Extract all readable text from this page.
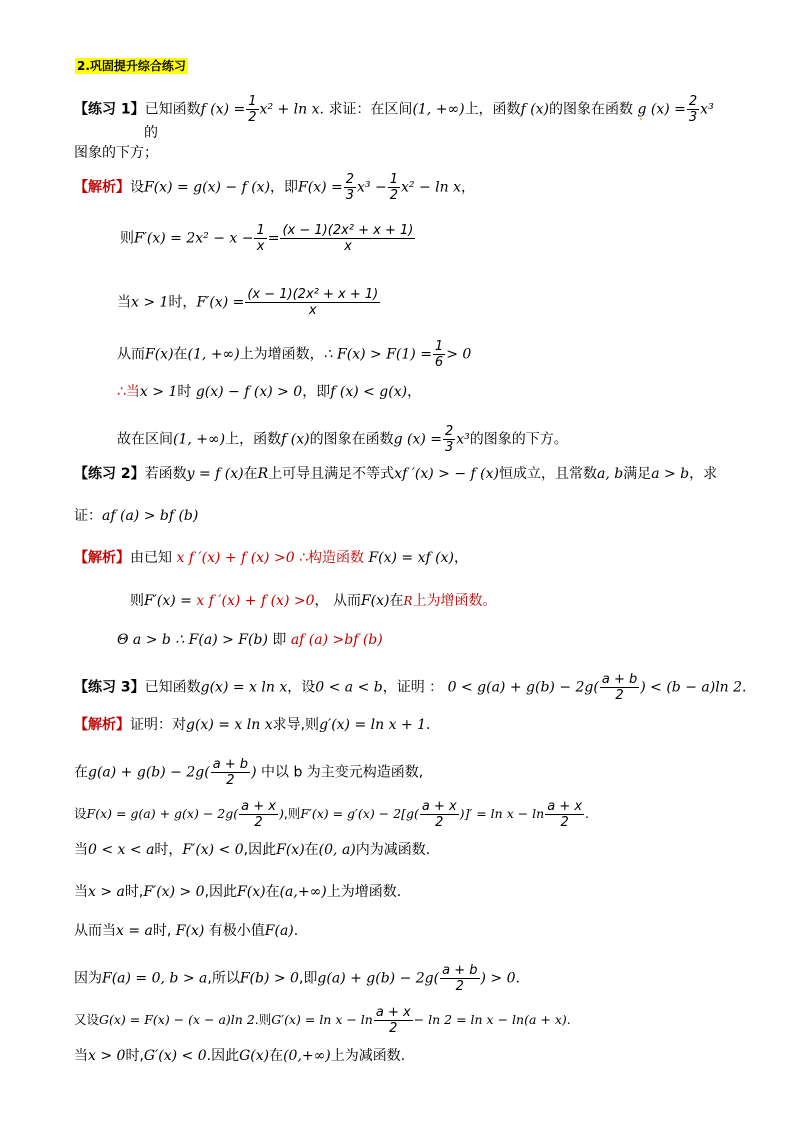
2.巩固提升综合练习
【练习 1】已知函数f $(x) = \frac{1}{2} x^2 + \ln x$. 求证：在区间(1, +∞)上，函数f (x)的图象在函数 g $(x) = \frac{2}{3} x^3$
的
图象的下方；
【解析】设F(x) = g(x) − f (x)，即$F(x) = \frac{2}{3} x^3 - \frac{1}{2} x^2 - \ln x$，
则$F'(x) = 2x^2 - x - \frac{1}{x} = \frac{\text{(x − 1)(2x² + x + 1)}}{x}$
当x > 1时，$F'(x) = \frac{\text{(x − 1)(2x² + x + 1)}}{x}$
从而F(x)在(1, +∞)上为增函数，∴ $F(x) > F(1) = \frac{1}{6} > 0$
∴当x > 1时 g(x) − f (x) > 0，即f (x) < g(x)，
故在区间(1, +∞)上，函数f (x)的图象在函数g $(x) = \frac{2}{3} x^3$的图象的下方。
【练习 2】若函数y = f (x)在R上可导且满足不等式xf ′(x) > − f (x)恒成立，且常数a, b满足a > b，求
证：af (a) > bf (b)
【解析】由已知 x f ′(x) + f (x) >0 ∴构造函数 F(x) = xf (x)，
则F′(x) = x f ′(x) + f (x) >0， 从而F(x)在R上为增函数。
Θ a > b ∴ F(a) > F(b) 即 af (a) >bf (b)
【练习 3】已知函数g(x) = x ln x，设0 < a < b，证明 ： $0 < g(a) + g(b) - 2g( \frac{a + b}{2}$ ) < (b − a)ln 2.
【解析】证明：对g(x) = x ln x求导,则g′(x) = ln x + 1.
在$g(a) + g(b) - 2g( \frac{a + b}{2}$ ) 中以 b 为主变元构造函数,
设$F(x) = g(a) + g(x) - 2g( \frac{a + x}{2}$ ),则$F'(x) = g'(x) - 2[g( \frac{a + x}{2}$ )]′ = $\ln x - \ln \frac{a + x}{2}$ .
当0 < x < a时，F′(x) < 0,因此F(x)在(0, a)内为减函数.
当x > a时,F′(x) > 0,因此F(x)在(a,+∞)上为增函数.
从而当x = a时, F(x) 有极小值F(a).
因为F(a) = 0, b > a,所以F(b) > 0,即$g(a) + g(b) - 2g( \frac{a + b}{2}$ ) > 0.
又设G(x) = F(x) − (x − a)ln 2.则$G'(x) = \ln x - \ln \frac{a + x}{2} - \ln 2 = \ln x - \ln(a + x)$.
当x > 0时,G′(x) < 0.因此G(x)在(0,+∞)上为减函数.
